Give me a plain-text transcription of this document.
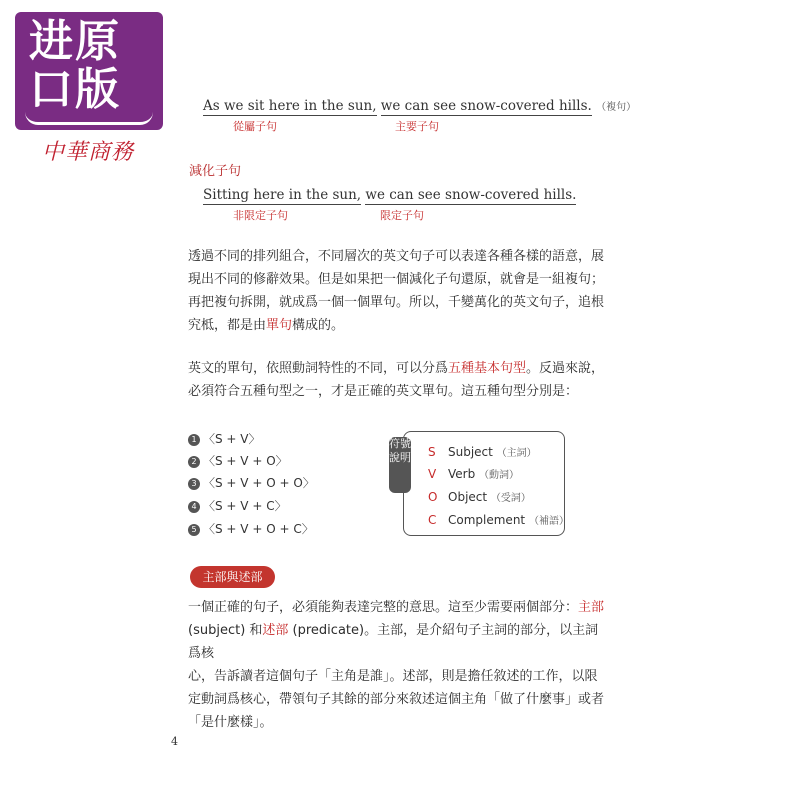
进原
口版
中華商務
As we sit here in the sun, we can see snow-covered hills. （複句）
從屬子句	主要子句
減化子句
Sitting here in the sun, we can see snow-covered hills.
非限定子句	限定子句
透過不同的排列組合，不同層次的英文句子可以表達各種各樣的語意，展
現出不同的修辭效果。但是如果把一個減化子句還原，就會是一組複句；
再把複句拆開，就成爲一個一個單句。所以，千變萬化的英文句子，追根
究柢，都是由單句構成的。
英文的單句，依照動詞特性的不同，可以分爲五種基本句型。反過來說，
必須符合五種句型之一，才是正確的英文單句。這五種句型分別是：
1 〈S + V〉
2 〈S + V + O〉
3 〈S + V + O + O〉
4 〈S + V + C〉
5 〈S + V + O + C〉
符號說明 S Subject （主詞）
V Verb （動詞）
O Object （受詞）
C Complement （補語）
主部與述部
一個正確的句子，必須能夠表達完整的意思。這至少需要兩個部分：主部
(subject) 和述部 (predicate)。主部，是介紹句子主詞的部分，以主詞爲核
心，告訴讀者這個句子「主角是誰」。述部，則是擔任敘述的工作，以限
定動詞爲核心，帶領句子其餘的部分來敘述這個主角「做了什麼事」或者
「是什麼樣」。
4
